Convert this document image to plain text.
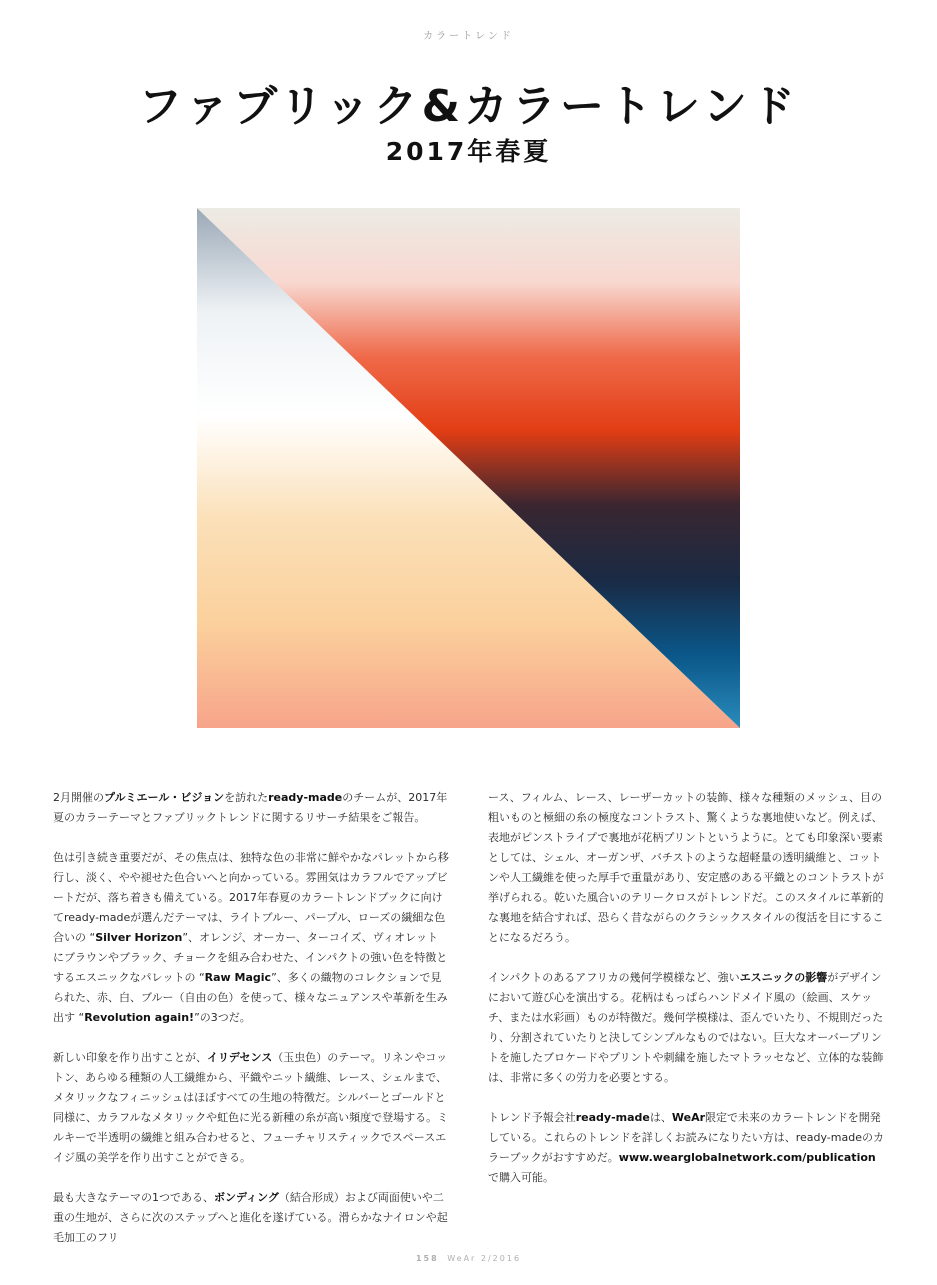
カラートレンド
ファブリック&カラートレンド
2017年春夏

2月開催のプルミエール・ビジョンを訪れたready-madeのチームが、2017年夏のカラーテーマとファブリックトレンドに関するリサーチ結果をご報告。

色は引き続き重要だが、その焦点は、独特な色の非常に鮮やかなパレットから移行し、淡く、やや褪せた色合いへと向かっている。雰囲気はカラフルでアップビートだが、落ち着きも備えている。2017年春夏のカラートレンドブックに向けてready-madeが選んだテーマは、ライトブルー、パープル、ローズの繊細な色合いの “Silver Horizon”、オレンジ、オーカー、ターコイズ、ヴィオレットにブラウンやブラック、チョークを組み合わせた、インパクトの強い色を特徴とするエスニックなパレットの “Raw Magic”、多くの織物のコレクションで見られた、赤、白、ブルー（自由の色）を使って、様々なニュアンスや革新を生み出す “Revolution again!”の3つだ。

新しい印象を作り出すことが、イリデセンス（玉虫色）のテーマ。リネンやコットン、あらゆる種類の人工繊維から、平織やニット繊維、レース、シェルまで、メタリックなフィニッシュはほぼすべての生地の特徴だ。シルバーとゴールドと同様に、カラフルなメタリックや虹色に光る新種の糸が高い頻度で登場する。ミルキーで半透明の繊維と組み合わせると、フューチャリスティックでスペースエイジ風の美学を作り出すことができる。

最も大きなテーマの1つである、ボンディング（結合形成）および両面使いや二重の生地が、さらに次のステップへと進化を遂げている。滑らかなナイロンや起毛加工のフリ

ース、フィルム、レース、レーザーカットの装飾、様々な種類のメッシュ、目の粗いものと極細の糸の極度なコントラスト、驚くような裏地使いなど。例えば、表地がピンストライプで裏地が花柄プリントというように。とても印象深い要素としては、シェル、オーガンザ、バチストのような超軽量の透明繊維と、コットンや人工繊維を使った厚手で重量があり、安定感のある平織とのコントラストが挙げられる。乾いた風合いのテリークロスがトレンドだ。このスタイルに革新的な裏地を結合すれば、恐らく昔ながらのクラシックスタイルの復活を目にすることになるだろう。

インパクトのあるアフリカの幾何学模様など、強いエスニックの影響がデザインにおいて遊び心を演出する。花柄はもっぱらハンドメイド風の（絵画、スケッチ、または水彩画）ものが特徴だ。幾何学模様は、歪んでいたり、不規則だったり、分割されていたりと決してシンプルなものではない。巨大なオーバープリントを施したブロケードやプリントや刺繍を施したマトラッセなど、立体的な装飾は、非常に多くの労力を必要とする。

トレンド予報会社ready-madeは、WeAr限定で未来のカラートレンドを開発している。これらのトレンドを詳しくお読みになりたい方は、ready-madeのカラーブックがおすすめだ。www.wearglobalnetwork.com/publicationで購入可能。

158 WeAr 2/2016
